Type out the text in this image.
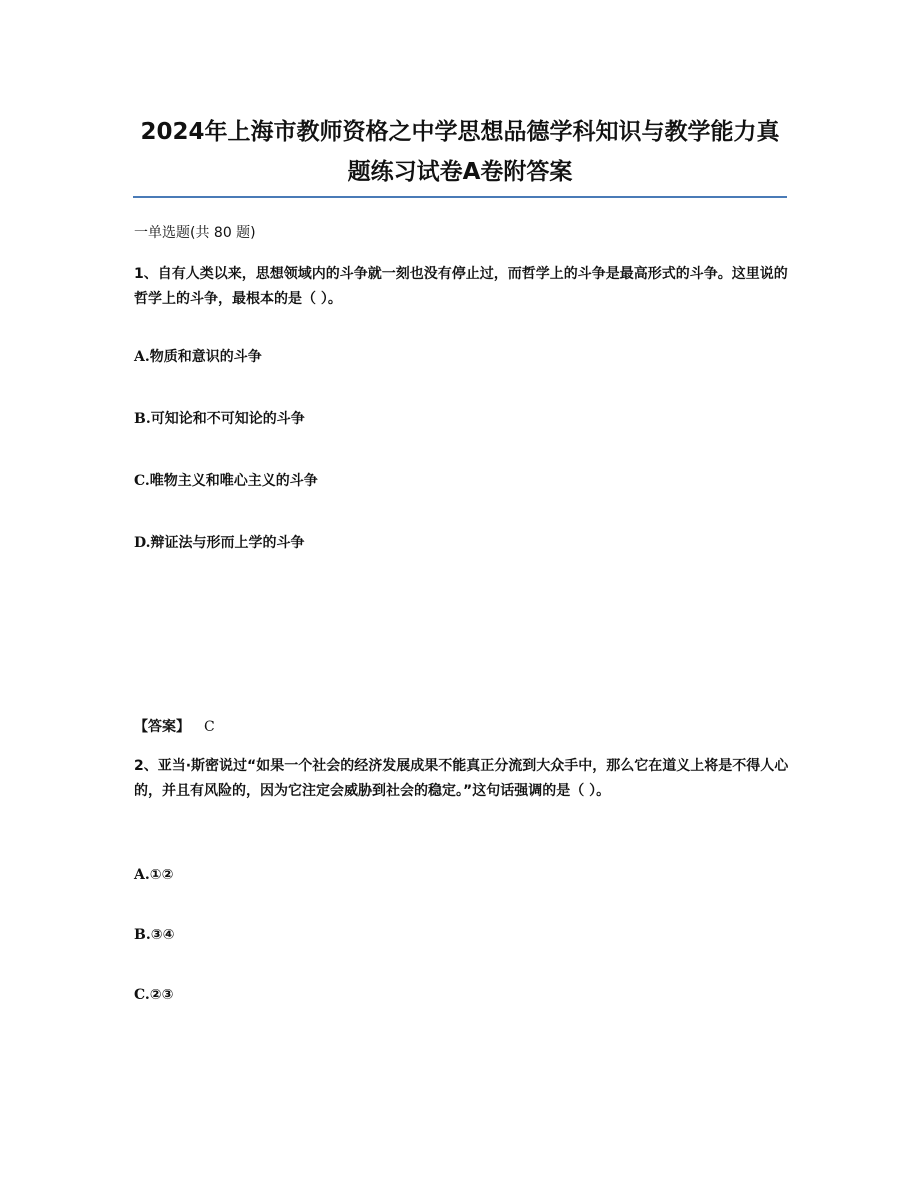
2024年上海市教师资格之中学思想品德学科知识与教学能力真题练习试卷A卷附答案
一单选题(共 80 题)
1、自有人类以来，思想领域内的斗争就一刻也没有停止过，而哲学上的斗争是最高形式的斗争。这里说的哲学上的斗争，最根本的是（ ）。
A.物质和意识的斗争
B.可知论和不可知论的斗争
C.唯物主义和唯心主义的斗争
D.辩证法与形而上学的斗争
【答案】 C
2、亚当·斯密说过“如果一个社会的经济发展成果不能真正分流到大众手中，那么它在道义上将是不得人心的，并且有风险的，因为它注定会威胁到社会的稳定。”这句话强调的是（ ）。
A.①②
B.③④
C.②③
